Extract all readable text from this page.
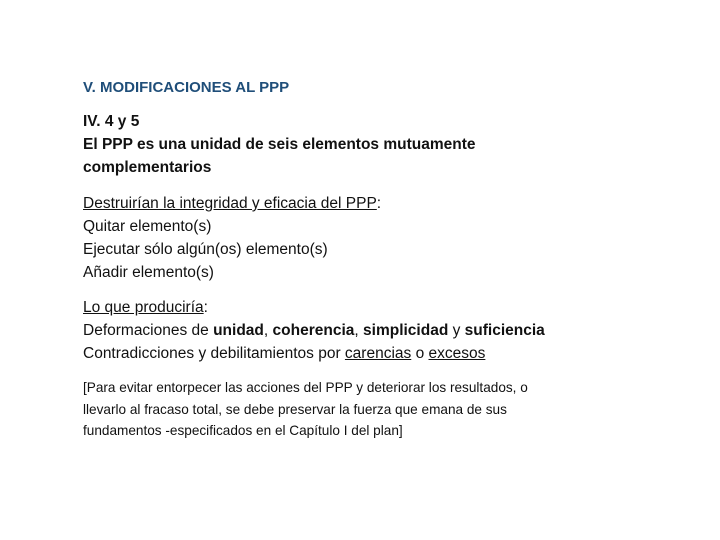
V. MODIFICACIONES AL PPP
IV. 4 y 5
El PPP es una unidad de seis elementos mutuamente
complementarios
Destruirían la integridad y eficacia del PPP:
Quitar elemento(s)
Ejecutar sólo algún(os) elemento(s)
Añadir elemento(s)
Lo que produciría:
Deformaciones de unidad, coherencia, simplicidad y suficiencia
Contradicciones y debilitamientos por carencias o excesos
[Para evitar entorpecer las acciones del PPP y deteriorar los resultados, o
llevarlo al fracaso total, se debe preservar la fuerza que emana de sus
fundamentos -especificados en el Capítulo I del plan]
